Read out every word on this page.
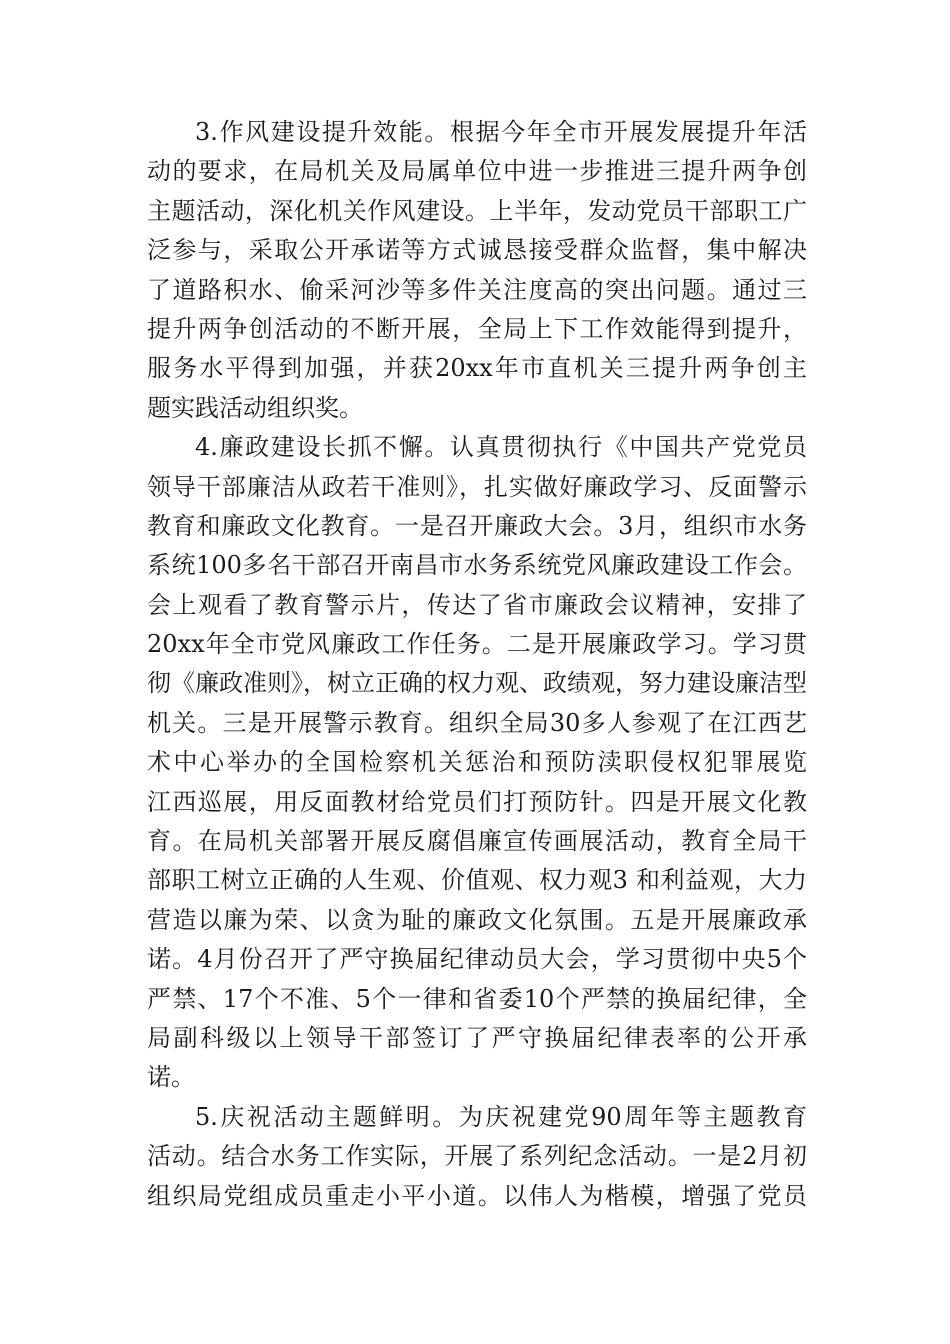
3.作风建设提升效能。根据今年全市开展发展提升年活
动的要求，在局机关及局属单位中进一步推进三提升两争创
主题活动，深化机关作风建设。上半年，发动党员干部职工广
泛参与，采取公开承诺等方式诚恳接受群众监督，集中解决
了道路积水、偷采河沙等多件关注度高的突出问题。通过三
提升两争创活动的不断开展，全局上下工作效能得到提升，
服务水平得到加强，并获20xx年市直机关三提升两争创主
题实践活动组织奖。
4.廉政建设长抓不懈。认真贯彻执行《中国共产党党员
领导干部廉洁从政若干准则》，扎实做好廉政学习、反面警示
教育和廉政文化教育。一是召开廉政大会。3月，组织市水务
系统100多名干部召开南昌市水务系统党风廉政建设工作会。
会上观看了教育警示片，传达了省市廉政会议精神，安排了
20xx年全市党风廉政工作任务。二是开展廉政学习。学习贯
彻《廉政准则》，树立正确的权力观、政绩观，努力建设廉洁型
机关。三是开展警示教育。组织全局30多人参观了在江西艺
术中心举办的全国检察机关惩治和预防渎职侵权犯罪展览
江西巡展，用反面教材给党员们打预防针。四是开展文化教
育。在局机关部署开展反腐倡廉宣传画展活动，教育全局干
部职工树立正确的人生观、价值观、权力观3 和利益观，大力
营造以廉为荣、以贪为耻的廉政文化氛围。五是开展廉政承
诺。4月份召开了严守换届纪律动员大会，学习贯彻中央5个
严禁、17个不准、5个一律和省委10个严禁的换届纪律，全
局副科级以上领导干部签订了严守换届纪律表率的公开承
诺。
5.庆祝活动主题鲜明。为庆祝建党90周年等主题教育
活动。结合水务工作实际，开展了系列纪念活动。一是2月初
组织局党组成员重走小平小道。以伟人为楷模，增强了党员
